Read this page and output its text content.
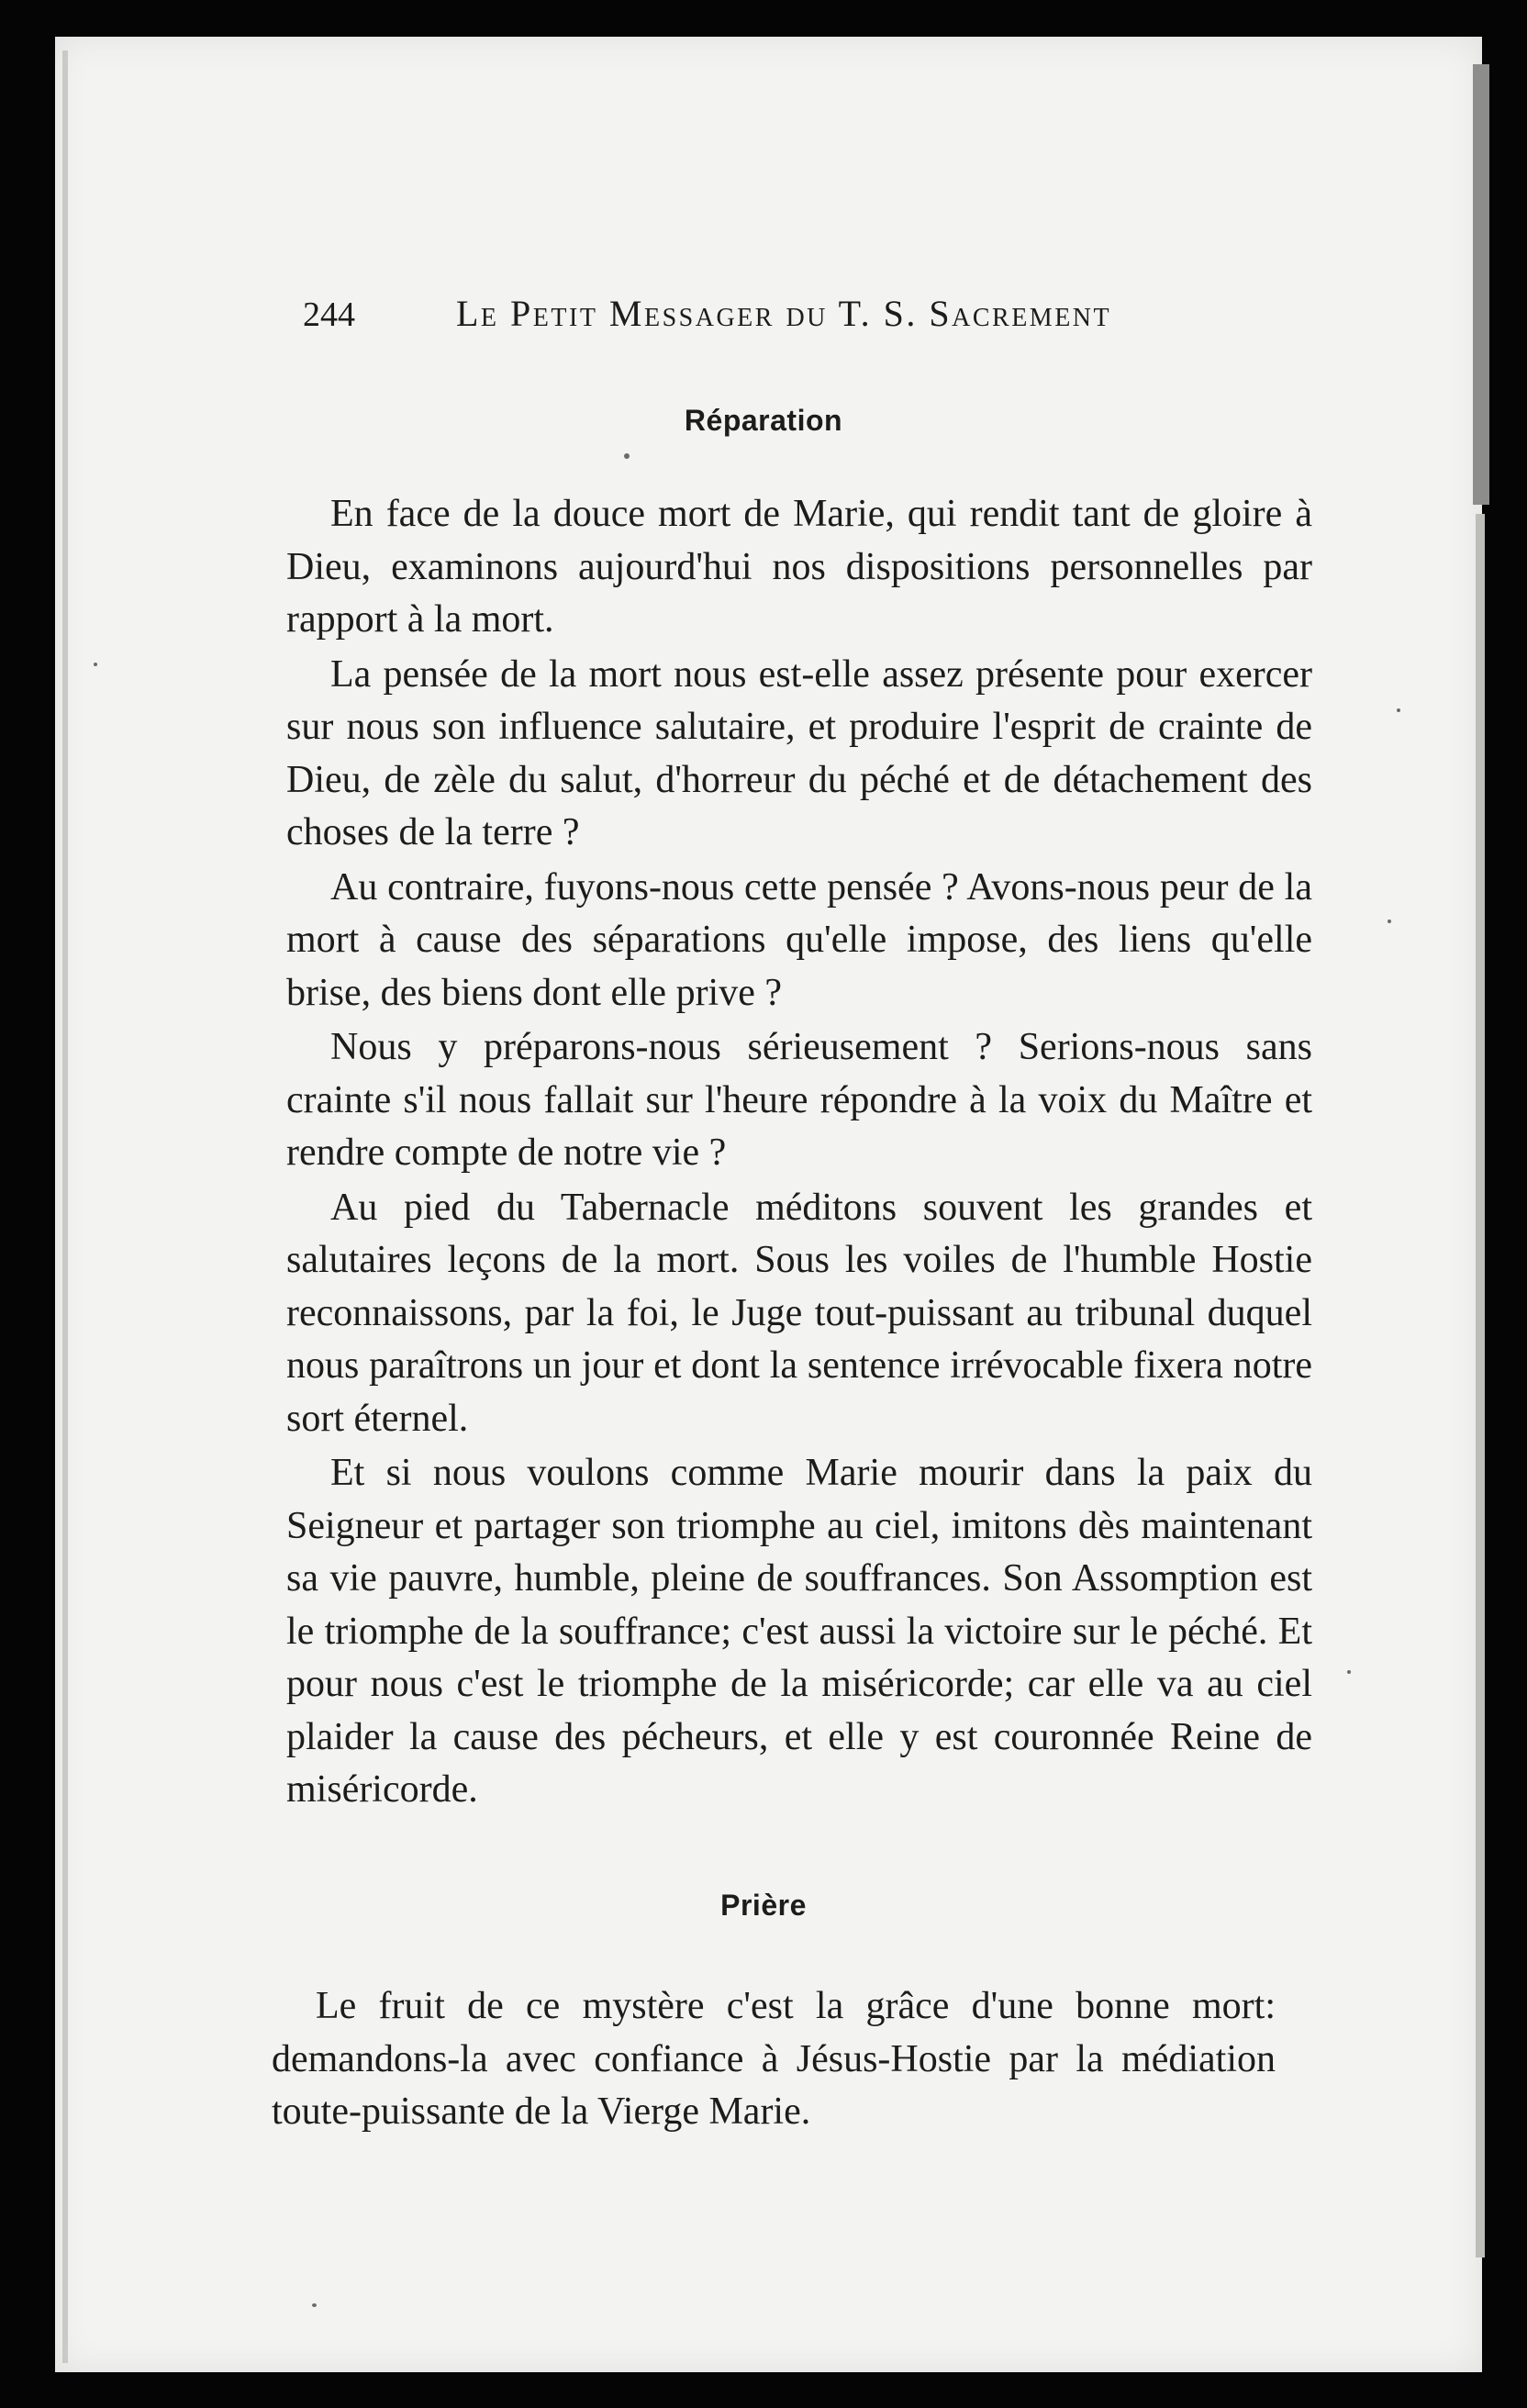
244	Le Petit Messager du T. S. Sacrement
Réparation

En face de la douce mort de Marie, qui rendit tant de gloire à Dieu, examinons aujourd'hui nos dispositions personnelles par rapport à la mort.

La pensée de la mort nous est-elle assez présente pour exercer sur nous son influence salutaire, et produire l'esprit de crainte de Dieu, de zèle du salut, d'horreur du péché et de détachement des choses de la terre ?

Au contraire, fuyons-nous cette pensée ? Avons-nous peur de la mort à cause des séparations qu'elle impose, des liens qu'elle brise, des biens dont elle prive ?

Nous y préparons-nous sérieusement ? Serions-nous sans crainte s'il nous fallait sur l'heure répondre à la voix du Maître et rendre compte de notre vie ?

Au pied du Tabernacle méditons souvent les grandes et salutaires leçons de la mort. Sous les voiles de l'humble Hostie reconnaissons, par la foi, le Juge tout-puissant au tribunal duquel nous paraîtrons un jour et dont la sentence irrévocable fixera notre sort éternel.

Et si nous voulons comme Marie mourir dans la paix du Seigneur et partager son triomphe au ciel, imitons dès maintenant sa vie pauvre, humble, pleine de souffrances. Son Assomption est le triomphe de la souffrance; c'est aussi la victoire sur le péché. Et pour nous c'est le triomphe de la miséricorde; car elle va au ciel plaider la cause des pécheurs, et elle y est couronnée Reine de miséricorde.

Prière

Le fruit de ce mystère c'est la grâce d'une bonne mort: demandons-la avec confiance à Jésus-Hostie par la médiation toute-puissante de la Vierge Marie.
